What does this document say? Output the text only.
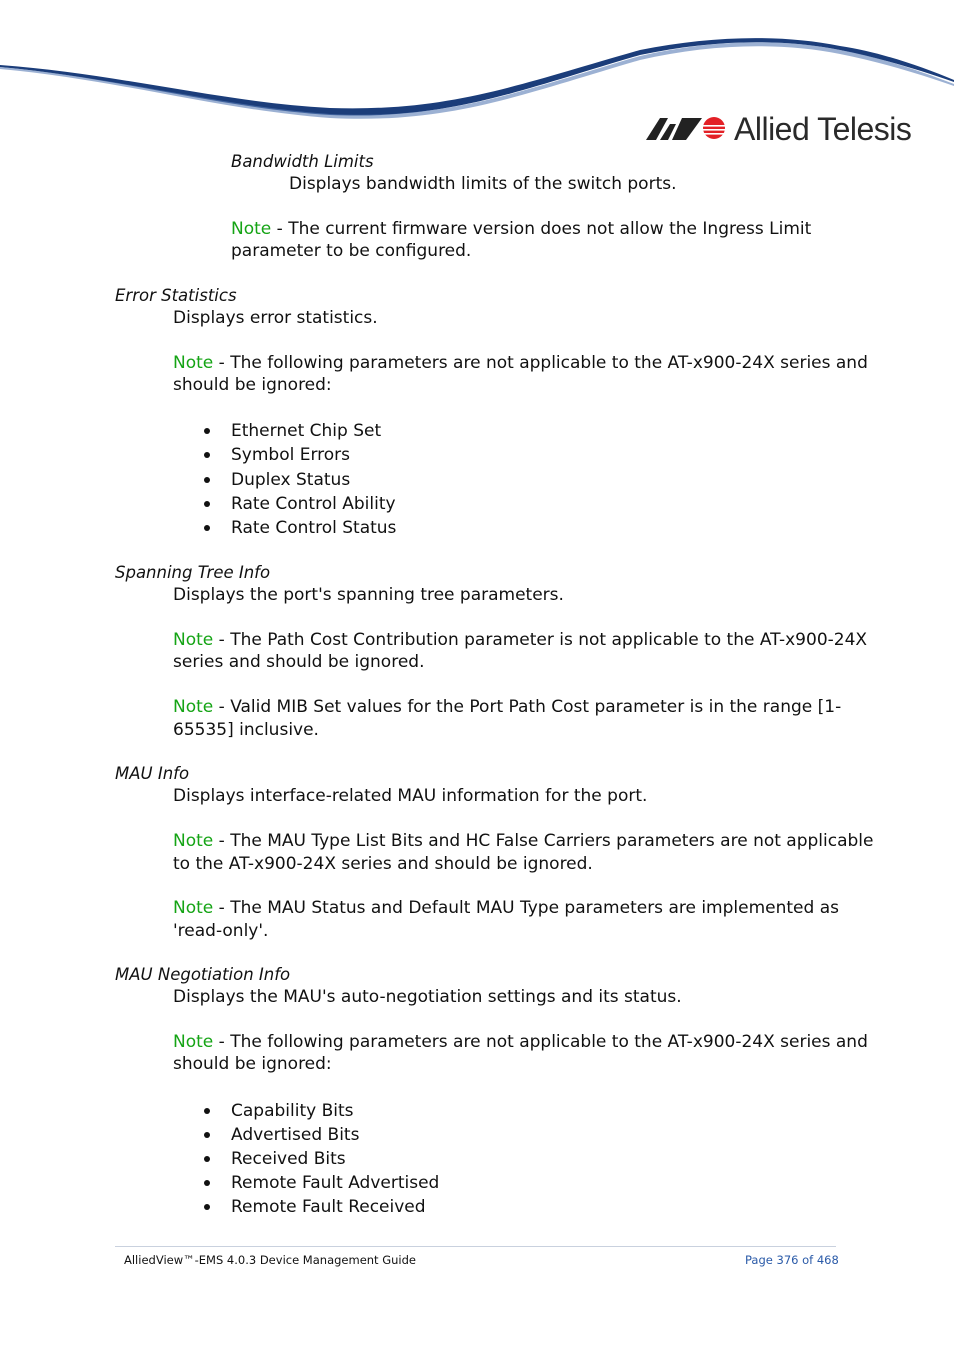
Allied Telesis
Bandwidth Limits
Displays bandwidth limits of the switch ports.
Note - The current firmware version does not allow the Ingress Limit
parameter to be configured.
Error Statistics
Displays error statistics.
Note - The following parameters are not applicable to the AT-x900-24X series and
should be ignored:
Ethernet Chip Set
Symbol Errors
Duplex Status
Rate Control Ability
Rate Control Status
Spanning Tree Info
Displays the port's spanning tree parameters.
Note - The Path Cost Contribution parameter is not applicable to the AT-x900-24X
series and should be ignored.
Note - Valid MIB Set values for the Port Path Cost parameter is in the range [1-
65535] inclusive.
MAU Info
Displays interface-related MAU information for the port.
Note - The MAU Type List Bits and HC False Carriers parameters are not applicable
to the AT-x900-24X series and should be ignored.
Note - The MAU Status and Default MAU Type parameters are implemented as
'read-only'.
MAU Negotiation Info
Displays the MAU's auto-negotiation settings and its status.
Note - The following parameters are not applicable to the AT-x900-24X series and
should be ignored:
Capability Bits
Advertised Bits
Received Bits
Remote Fault Advertised
Remote Fault Received
AlliedView™-EMS 4.0.3 Device Management Guide	Page 376 of 468
